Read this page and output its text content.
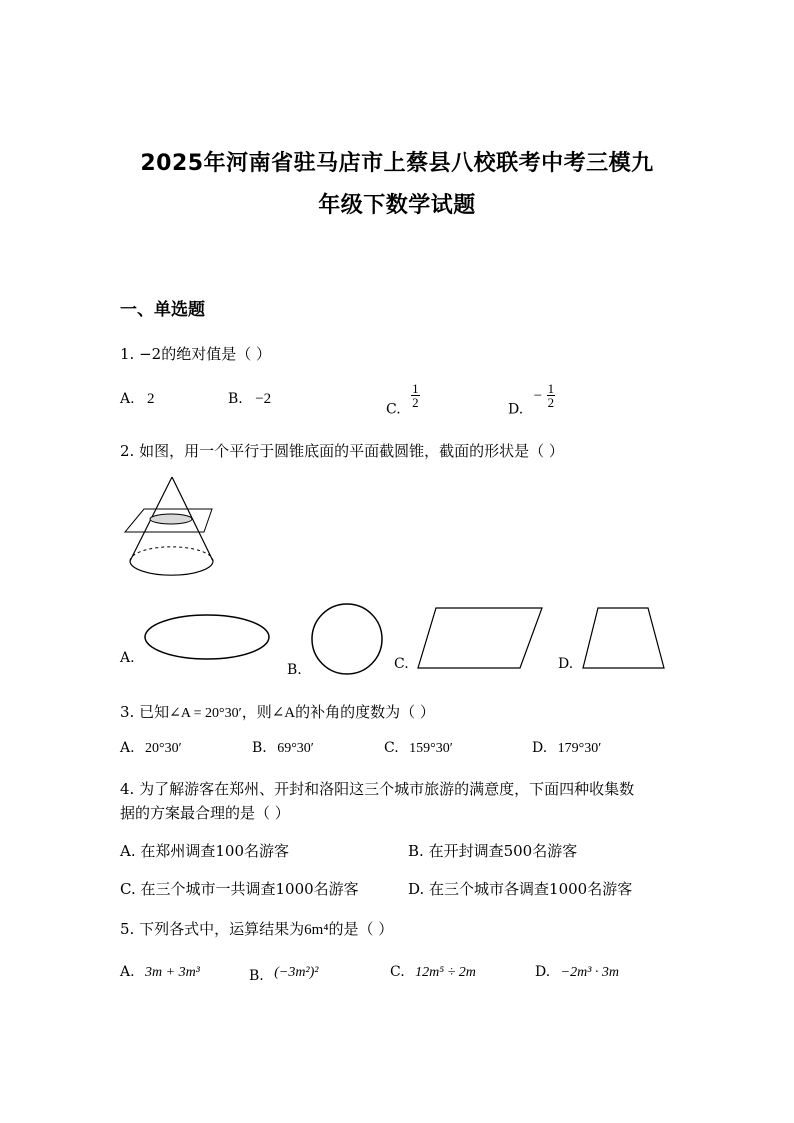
2025年河南省驻马店市上蔡县八校联考中考三模九
年级下数学试题
一、单选题
1. −2的绝对值是（ ）
A. 2	B. −2
C.
$\frac{1}{2}$
D. − $\frac{1}{2}$
2. 如图，用一个平行于圆锥底面的平面截圆锥，截面的形状是（ ）
A.
B.	C.	D.
3. 已知∠A = 20°30′，则∠A的补角的度数为（ ）
A. 20°30′	B. 69°30′	C. 159°30′	D. 179°30′
4. 为了解游客在郑州、开封和洛阳这三个城市旅游的满意度，下面四种收集数
据的方案最合理的是（ ）
A. 在郑州调查100名游客	B. 在开封调查500名游客
C. 在三个城市一共调查1000名游客	D. 在三个城市各调查1000名游客
5. 下列各式中，运算结果为6m⁴的是（ ）
A. 3m + 3m³	B. (−3m²)²	C. 12m⁵ ÷ 2m	D. −2m³ · 3m
